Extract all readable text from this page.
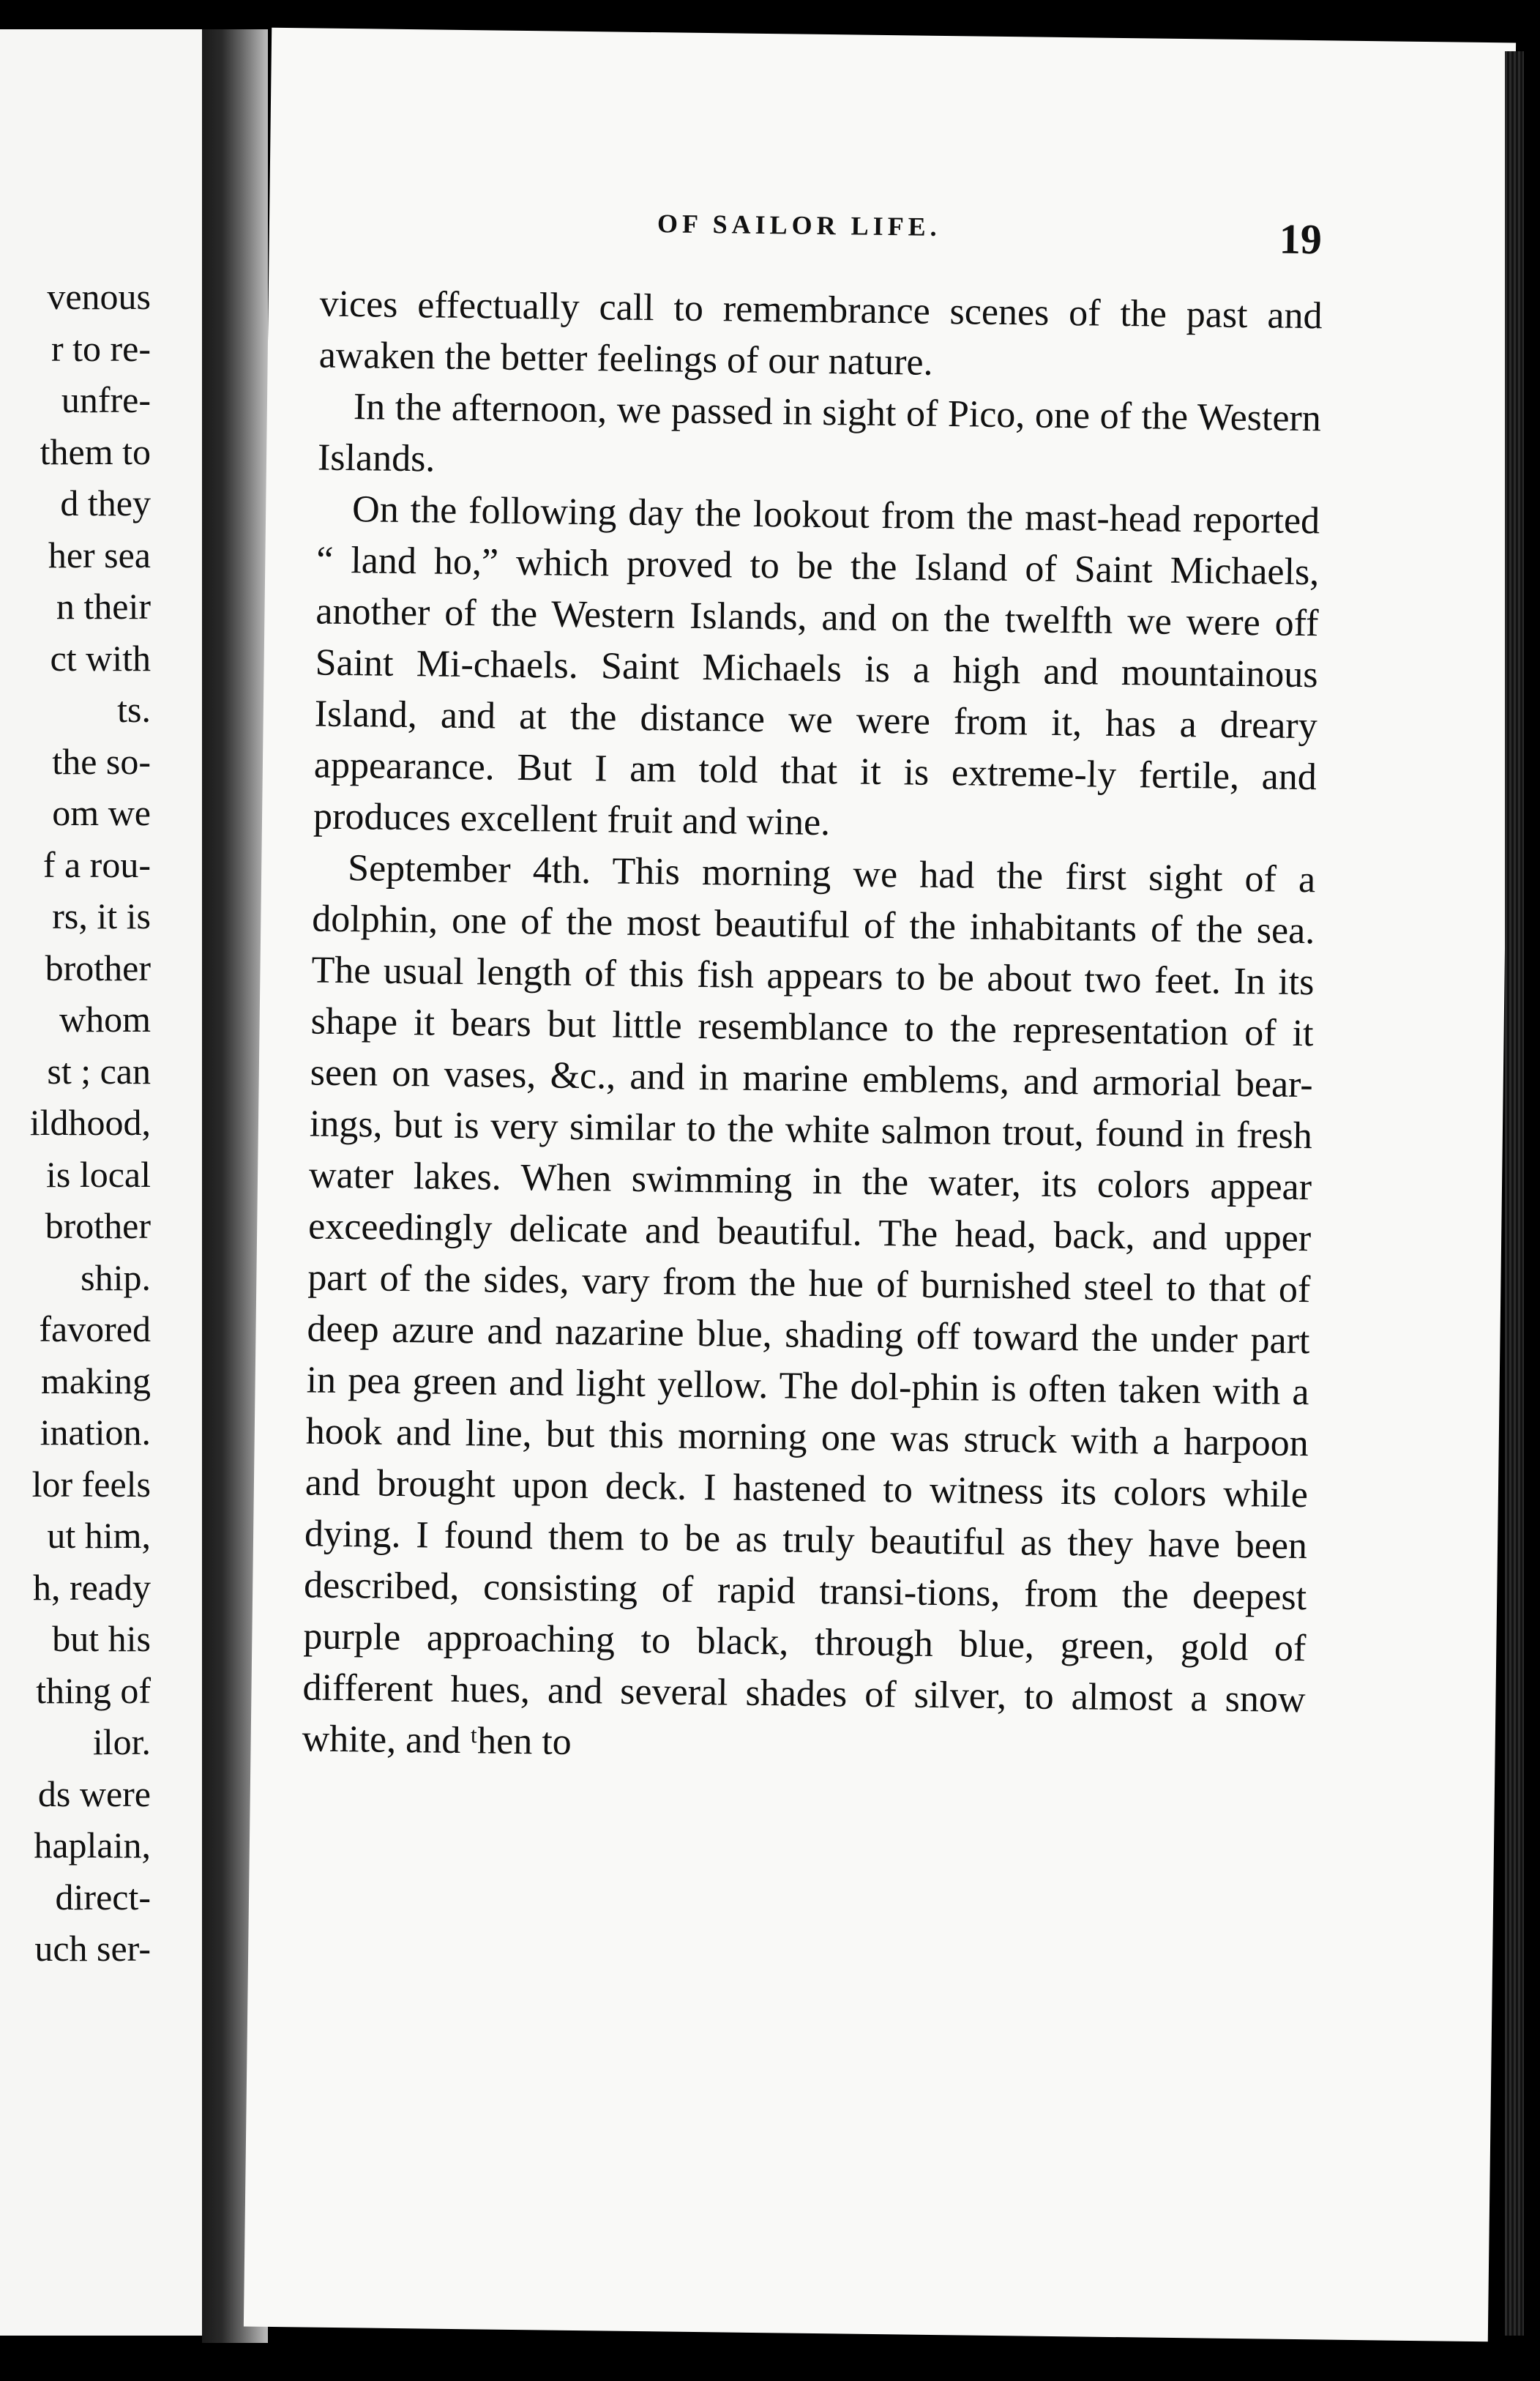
venous
r to re-
unfre-
them to
d they
her sea
n their
ct with
ts.
the so-
om we
f a rou-
rs, it is
brother
whom
st ; can
ildhood,
is local
brother
ship.
favored
making
ination.
lor feels
ut him,
h, ready
but his
thing of
ilor.
ds were
haplain,
direct-
uch ser-
OF SAILOR LIFE.	19

vices effectually call to remembrance scenes of the past and awaken the better feelings of our nature.

In the afternoon, we passed in sight of Pico, one of the Western Islands.

On the following day the lookout from the mast-head reported “ land ho,” which proved to be the Island of Saint Michaels, another of the Western Islands, and on the twelfth we were off Saint Mi-chaels. Saint Michaels is a high and mountainous Island, and at the distance we were from it, has a dreary appearance. But I am told that it is extreme-ly fertile, and produces excellent fruit and wine.

September 4th. This morning we had the first sight of a dolphin, one of the most beautiful of the inhabitants of the sea. The usual length of this fish appears to be about two feet. In its shape it bears but little resemblance to the representation of it seen on vases, &c., and in marine emblems, and armorial bear-ings, but is very similar to the white salmon trout, found in fresh water lakes. When swimming in the water, its colors appear exceedingly delicate and beautiful. The head, back, and upper part of the sides, vary from the hue of burnished steel to that of deep azure and nazarine blue, shading off toward the under part in pea green and light yellow. The dol-phin is often taken with a hook and line, but this morning one was struck with a harpoon and brought upon deck. I hastened to witness its colors while dying. I found them to be as truly beautiful as they have been described, consisting of rapid transi-tions, from the deepest purple approaching to black, through blue, green, gold of different hues, and several shades of silver, to almost a snow white, and ᵗhen to
